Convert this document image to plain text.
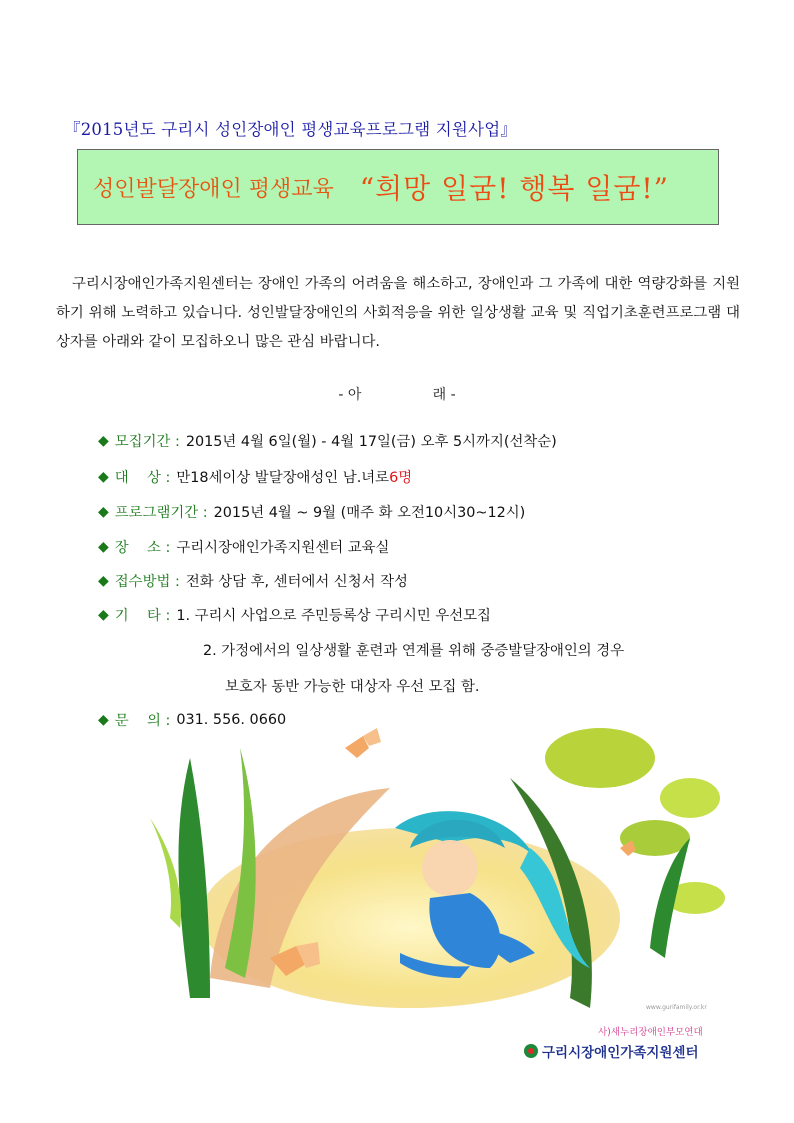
『2015년도 구리시 성인장애인 평생교육프로그램 지원사업』
성인발달장애인 평생교육 “희망 일굼! 행복 일굼!”

구리시장애인가족지원센터는 장애인 가족의 어려움을 해소하고, 장애인과 그 가족에 대한 역량강화를 지원하기 위해 노력하고 있습니다. 성인발달장애인의 사회적응을 위한 일상생활 교육 및 직업기초훈련프로그램 대상자를 아래와 같이 모집하오니 많은 관심 바랍니다.

- 아                래 -
◆ 모집기간 : 2015년 4월 6일(월) - 4월 17일(금) 오후 5시까지(선착순)
◆ 대    상 : 만18세이상 발달장애성인 남.녀로 6명
◆ 프로그램기간 : 2015년 4월 ~ 9월 (매주 화 오전10시30~12시)
◆ 장    소 : 구리시장애인가족지원센터 교육실
◆ 접수방법 : 전화 상담 후, 센터에서 신청서 작성
◆ 기    타 : 1. 구리시 사업으로 주민등록상 구리시민 우선모집
2. 가정에서의 일상생활 훈련과 연계를 위해 중증발달장애인의 경우
보호자 동반 가능한 대상자 우선 모집 함.
◆ 문    의 : 031. 556. 0660
www.gurifamily.or.kr
사)새누리장애인부모연대
구리시장애인가족지원센터
